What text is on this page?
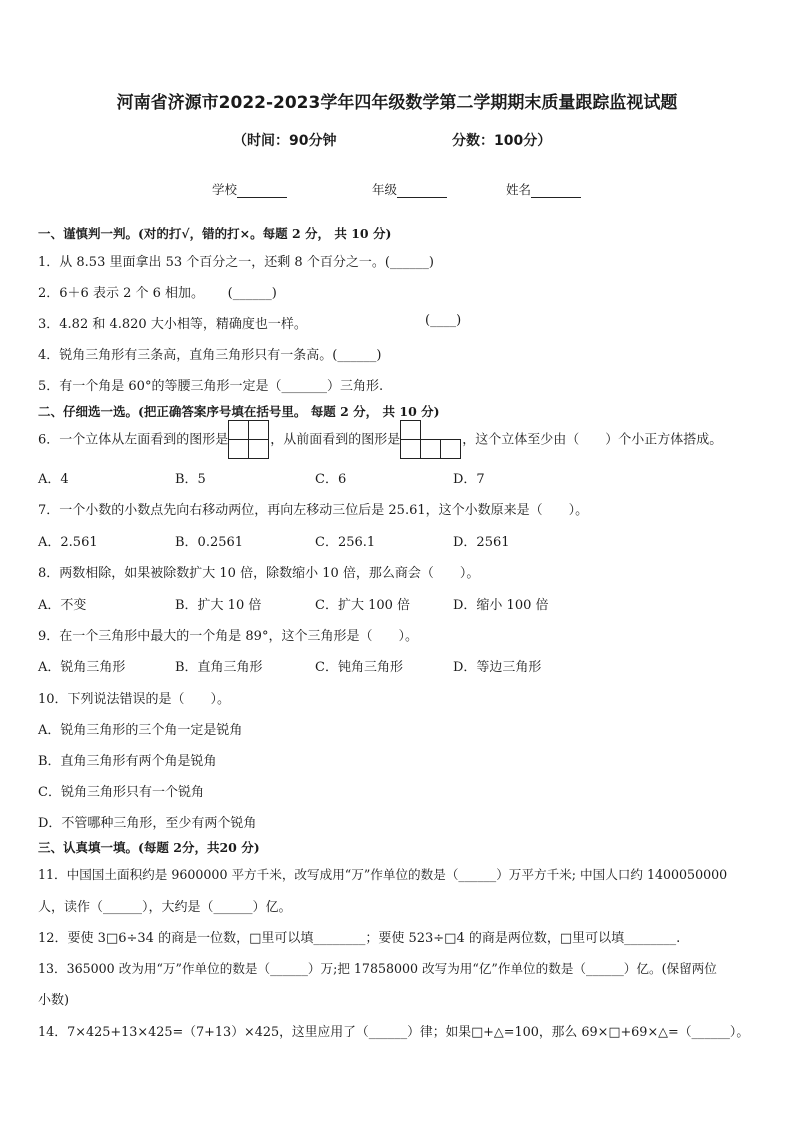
河南省济源市2022-2023学年四年级数学第二学期期末质量跟踪监视试题
（时间：90分钟	分数：100分）
学校	年级	姓名
一、谨慎判一判。(对的打√，错的打×。每题 2 分， 共 10 分)
1．从 8.53 里面拿出 53 个百分之一，还剩 8 个百分之一。(______)
2．6＋6 表示 2 个 6 相加。　　 (______)
3．4.82 和 4.820 大小相等，精确度也一样。	(____)
4．锐角三角形有三条高，直角三角形只有一条高。(______)
5．有一个角是 60°的等腰三角形一定是（_______）三角形.
二、仔细选一选。(把正确答案序号填在括号里。 每题 2 分， 共 10 分)
6．一个立体从左面看到的图形是	，从前面看到的图形是	，这个立体至少由（　　）个小正方体搭成。
A．4	B．5	C．6	D．7
7．一个小数的小数点先向右移动两位，再向左移动三位后是 25.61，这个小数原来是（　　）。
A．2.561	B．0.2561	C．256.1	D．2561
8．两数相除，如果被除数扩大 10 倍，除数缩小 10 倍，那么商会（　　）。
A．不变	B．扩大 10 倍	C．扩大 100 倍	D．缩小 100 倍
9．在一个三角形中最大的一个角是 89°，这个三角形是（　　）。
A．锐角三角形	B．直角三角形	C．钝角三角形	D．等边三角形
10．下列说法错误的是（　　）。
A．锐角三角形的三个角一定是锐角
B．直角三角形有两个角是锐角
C．锐角三角形只有一个锐角
D．不管哪种三角形，至少有两个锐角
三、认真填一填。(每题 2分，共20 分)
11．中国国土面积约是 9600000 平方千米，改写成用“万”作单位的数是（______）万平方千米; 中国人口约 1400050000
人，读作（______），大约是（______）亿。
12．要使 3□6÷34 的商是一位数，□里可以填________；要使 523÷□4 的商是两位数，□里可以填________.
13．365000 改为用“万”作单位的数是（______）万;把 17858000 改写为用“亿”作单位的数是（______）亿。(保留两位
小数)
14．7×425+13×425=（7+13）×425，这里应用了（______）律；如果□+△=100，那么 69×□+69×△=（______）。
